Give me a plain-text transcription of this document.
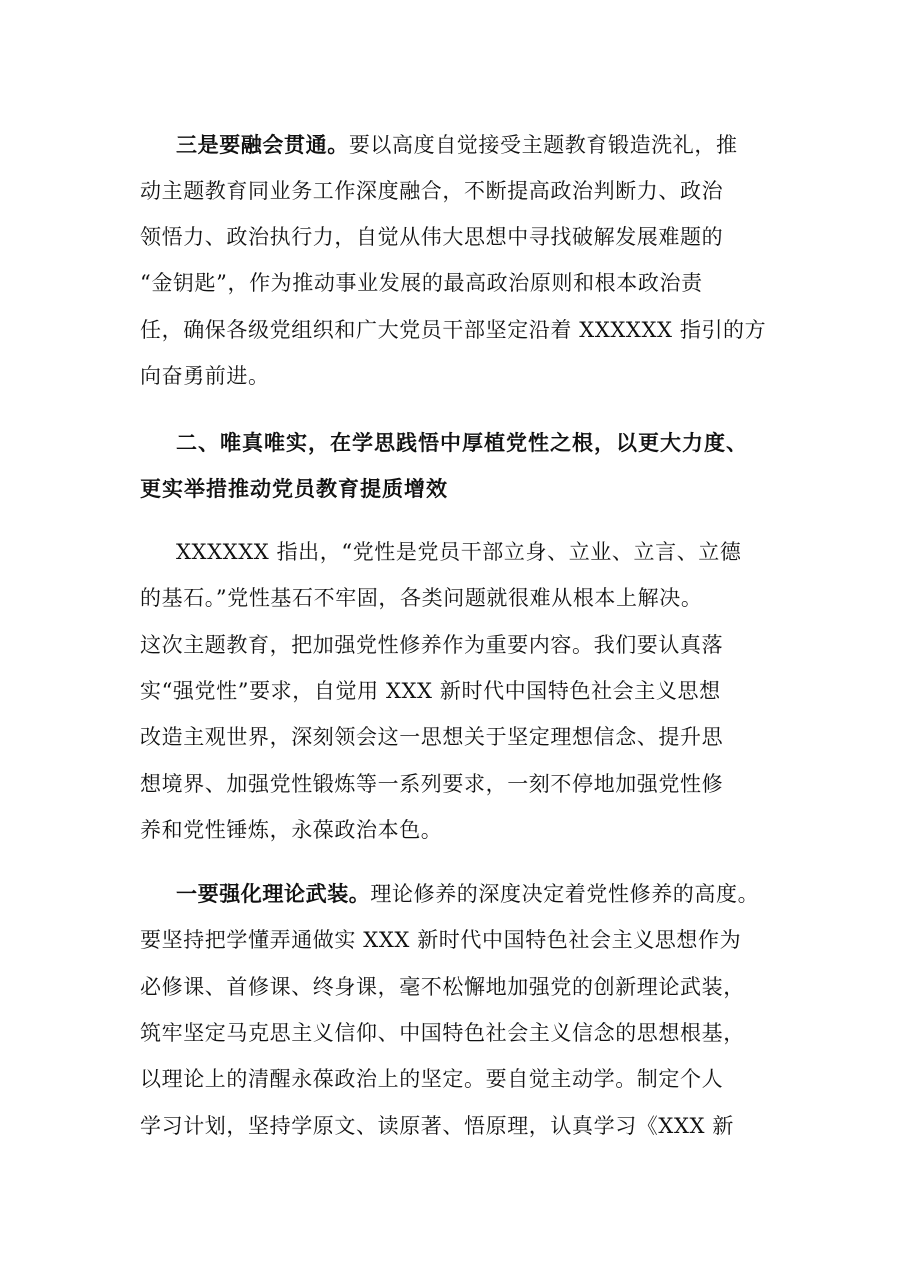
三是要融会贯通。要以高度自觉接受主题教育锻造洗礼，推
动主题教育同业务工作深度融合，不断提高政治判断力、政治
领悟力、政治执行力，自觉从伟大思想中寻找破解发展难题的
“金钥匙”，作为推动事业发展的最高政治原则和根本政治责
任，确保各级党组织和广大党员干部坚定沿着 XXXXXX 指引的方
向奋勇前进。
二、唯真唯实，在学思践悟中厚植党性之根，以更大力度、
更实举措推动党员教育提质增效
XXXXXX 指出，“党性是党员干部立身、立业、立言、立德
的基石。”党性基石不牢固，各类问题就很难从根本上解决。
这次主题教育，把加强党性修养作为重要内容。我们要认真落
实“强党性”要求，自觉用 XXX 新时代中国特色社会主义思想
改造主观世界，深刻领会这一思想关于坚定理想信念、提升思
想境界、加强党性锻炼等一系列要求，一刻不停地加强党性修
养和党性锤炼，永葆政治本色。
一要强化理论武装。理论修养的深度决定着党性修养的高度。
要坚持把学懂弄通做实 XXX 新时代中国特色社会主义思想作为
必修课、首修课、终身课，毫不松懈地加强党的创新理论武装，
筑牢坚定马克思主义信仰、中国特色社会主义信念的思想根基，
以理论上的清醒永葆政治上的坚定。要自觉主动学。制定个人
学习计划，坚持学原文、读原著、悟原理，认真学习《XXX 新
